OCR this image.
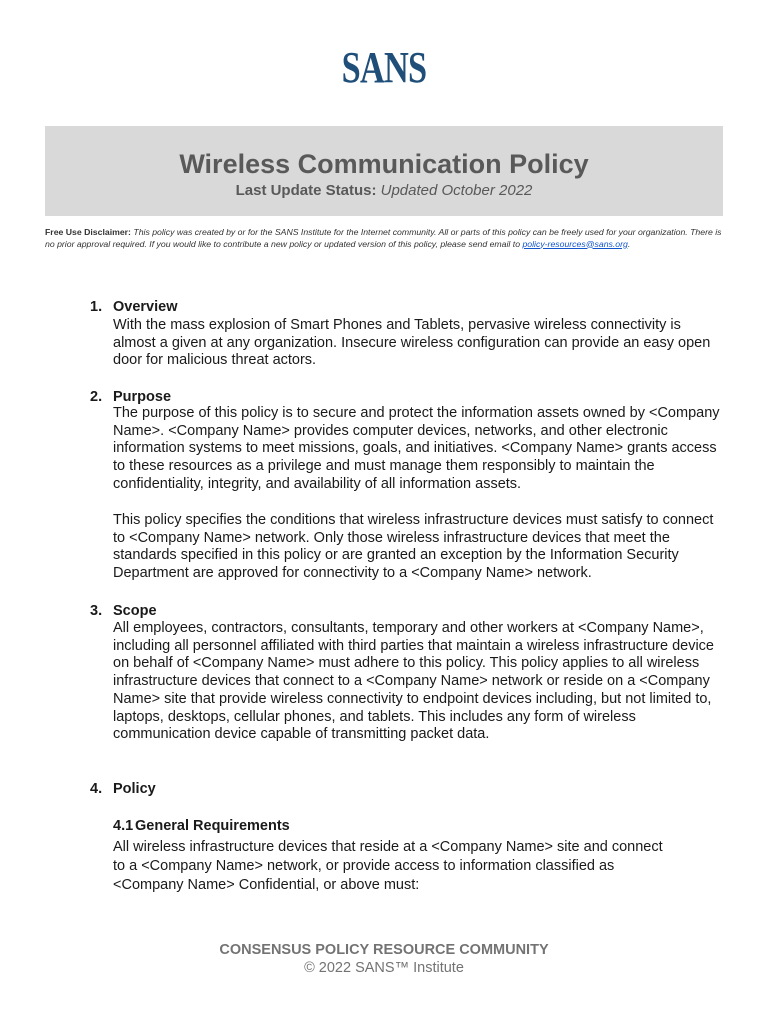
SANS
Wireless Communication Policy
Last Update Status: Updated October 2022
Free Use Disclaimer: This policy was created by or for the SANS Institute for the Internet community. All or parts of this policy can be freely used for your organization. There is no prior approval required. If you would like to contribute a new policy or updated version of this policy, please send email to policy-resources@sans.org.
1. Overview
With the mass explosion of Smart Phones and Tablets, pervasive wireless connectivity is almost a given at any organization. Insecure wireless configuration can provide an easy open door for malicious threat actors.
2. Purpose
The purpose of this policy is to secure and protect the information assets owned by <Company Name>. <Company Name> provides computer devices, networks, and other electronic information systems to meet missions, goals, and initiatives. <Company Name> grants access to these resources as a privilege and must manage them responsibly to maintain the confidentiality, integrity, and availability of all information assets.
This policy specifies the conditions that wireless infrastructure devices must satisfy to connect to <Company Name> network. Only those wireless infrastructure devices that meet the standards specified in this policy or are granted an exception by the Information Security Department are approved for connectivity to a <Company Name> network.
3. Scope
All employees, contractors, consultants, temporary and other workers at <Company Name>, including all personnel affiliated with third parties that maintain a wireless infrastructure device on behalf of <Company Name> must adhere to this policy. This policy applies to all wireless infrastructure devices that connect to a <Company Name> network or reside on a <Company Name> site that provide wireless connectivity to endpoint devices including, but not limited to, laptops, desktops, cellular phones, and tablets. This includes any form of wireless communication device capable of transmitting packet data.
4. Policy
4.1 General Requirements
All wireless infrastructure devices that reside at a <Company Name> site and connect to a <Company Name> network, or provide access to information classified as <Company Name> Confidential, or above must:
CONSENSUS POLICY RESOURCE COMMUNITY
© 2022 SANS™ Institute
